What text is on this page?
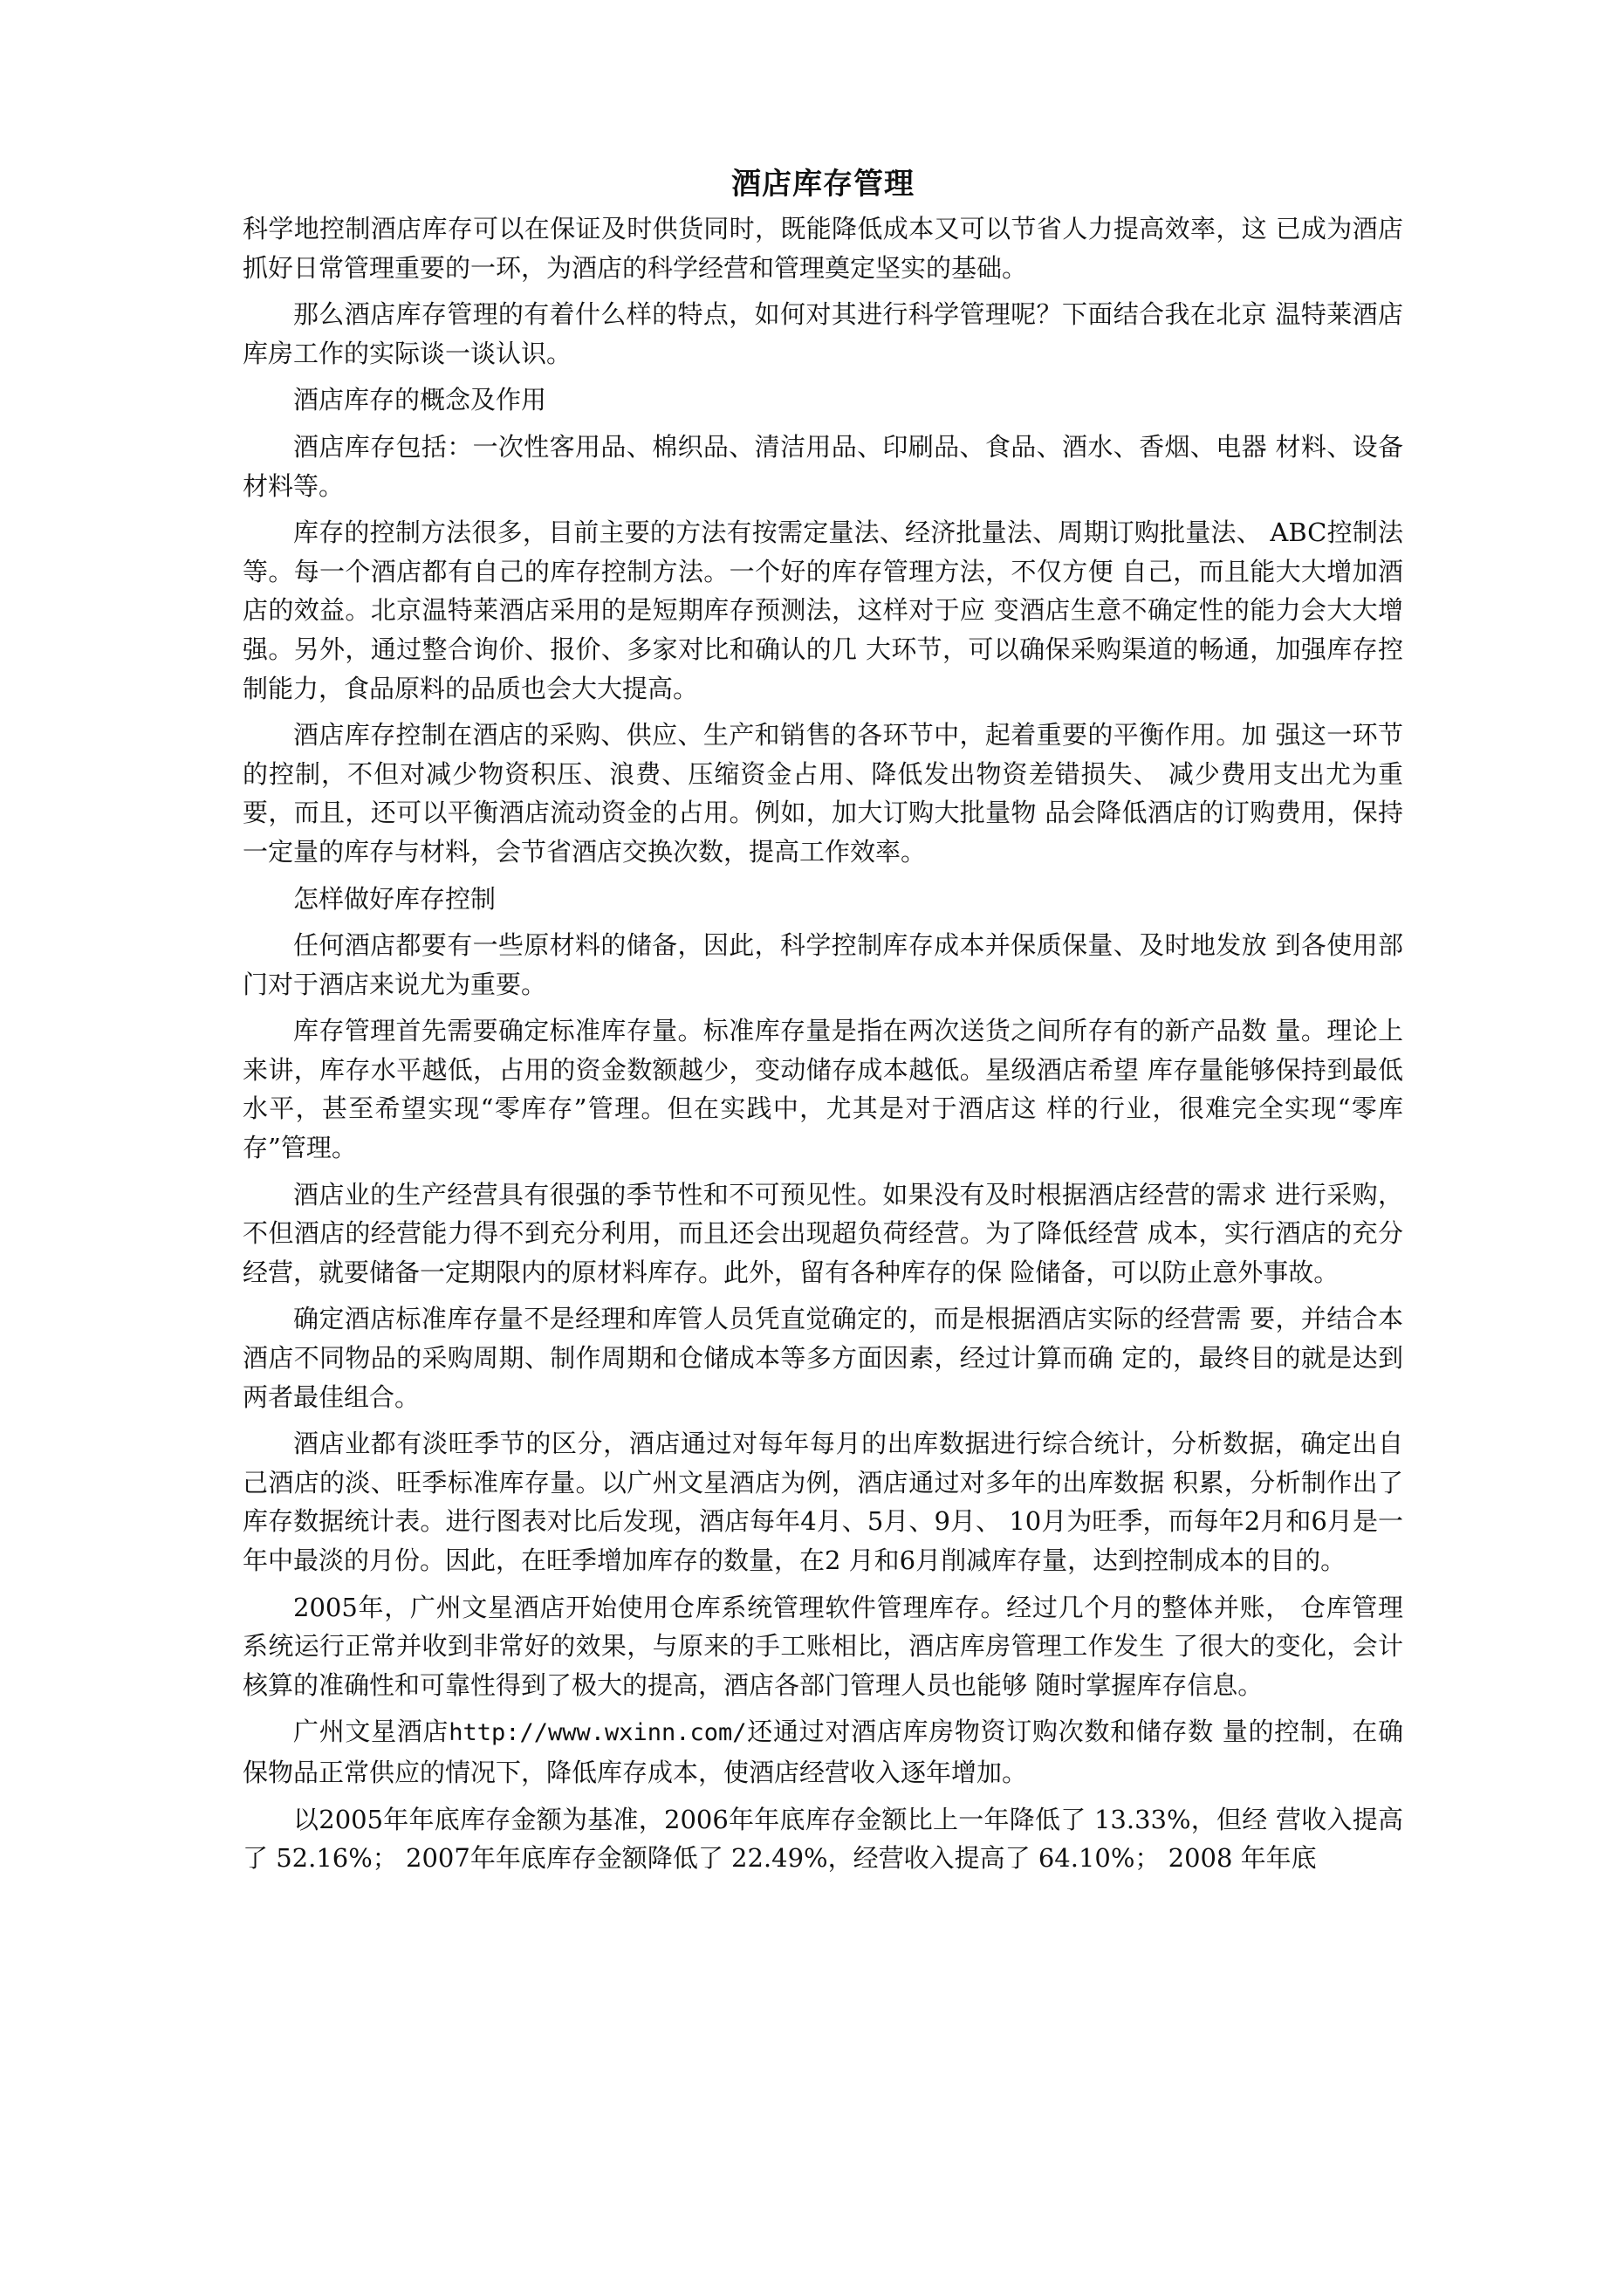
酒店库存管理

科学地控制酒店库存可以在保证及时供货同时，既能降低成本又可以节省人力提高效率，这 已成为酒店抓好日常管理重要的一环，为酒店的科学经营和管理奠定坚实的基础。

那么酒店库存管理的有着什么样的特点，如何对其进行科学管理呢？下面结合我在北京 温特莱酒店库房工作的实际谈一谈认识。

酒店库存的概念及作用

酒店库存包括：一次性客用品、棉织品、清洁用品、印刷品、食品、酒水、香烟、电器 材料、设备材料等。

库存的控制方法很多，目前主要的方法有按需定量法、经济批量法、周期订购批量法、 ABC控制法等。每一个酒店都有自己的库存控制方法。一个好的库存管理方法，不仅方便 自己，而且能大大增加酒店的效益。北京温特莱酒店采用的是短期库存预测法，这样对于应 变酒店生意不确定性的能力会大大增强。另外，通过整合询价、报价、多家对比和确认的几 大环节，可以确保采购渠道的畅通，加强库存控制能力，食品原料的品质也会大大提高。

酒店库存控制在酒店的采购、供应、生产和销售的各环节中，起着重要的平衡作用。加 强这一环节的控制，不但对减少物资积压、浪费、压缩资金占用、降低发出物资差错损失、 减少费用支出尤为重要，而且，还可以平衡酒店流动资金的占用。例如，加大订购大批量物 品会降低酒店的订购费用，保持一定量的库存与材料，会节省酒店交换次数，提高工作效率。

怎样做好库存控制

任何酒店都要有一些原材料的储备，因此，科学控制库存成本并保质保量、及时地发放 到各使用部门对于酒店来说尤为重要。

库存管理首先需要确定标准库存量。标准库存量是指在两次送货之间所存有的新产品数 量。理论上来讲，库存水平越低，占用的资金数额越少，变动储存成本越低。星级酒店希望 库存量能够保持到最低水平，甚至希望实现“零库存”管理。但在实践中，尤其是对于酒店这 样的行业，很难完全实现“零库存”管理。

酒店业的生产经营具有很强的季节性和不可预见性。如果没有及时根据酒店经营的需求 进行采购，不但酒店的经营能力得不到充分利用，而且还会出现超负荷经营。为了降低经营 成本，实行酒店的充分经营，就要储备一定期限内的原材料库存。此外，留有各种库存的保 险储备，可以防止意外事故。

确定酒店标准库存量不是经理和库管人员凭直觉确定的，而是根据酒店实际的经营需 要，并结合本酒店不同物品的采购周期、制作周期和仓储成本等多方面因素，经过计算而确 定的，最终目的就是达到两者最佳组合。

酒店业都有淡旺季节的区分，酒店通过对每年每月的出库数据进行综合统计，分析数据，确定出自己酒店的淡、旺季标准库存量。以广州文星酒店为例，酒店通过对多年的出库数据 积累，分析制作出了库存数据统计表。进行图表对比后发现，酒店每年4月、5月、9月、 10月为旺季，而每年2月和6月是一年中最淡的月份。因此，在旺季增加库存的数量，在2 月和6月削减库存量，达到控制成本的目的。

2005年，广州文星酒店开始使用仓库系统管理软件管理库存。经过几个月的整体并账， 仓库管理系统运行正常并收到非常好的效果，与原来的手工账相比，酒店库房管理工作发生 了很大的变化，会计核算的准确性和可靠性得到了极大的提高，酒店各部门管理人员也能够 随时掌握库存信息。

广州文星酒店http://www.wxinn.com/还通过对酒店库房物资订购次数和储存数 量的控制，在确保物品正常供应的情况下，降低库存成本，使酒店经营收入逐年增加。

以2005年年底库存金额为基准，2006年年底库存金额比上一年降低了 13.33%，但经 营收入提高了 52.16%； 2007年年底库存金额降低了 22.49%，经营收入提高了 64.10%； 2008 年年底
